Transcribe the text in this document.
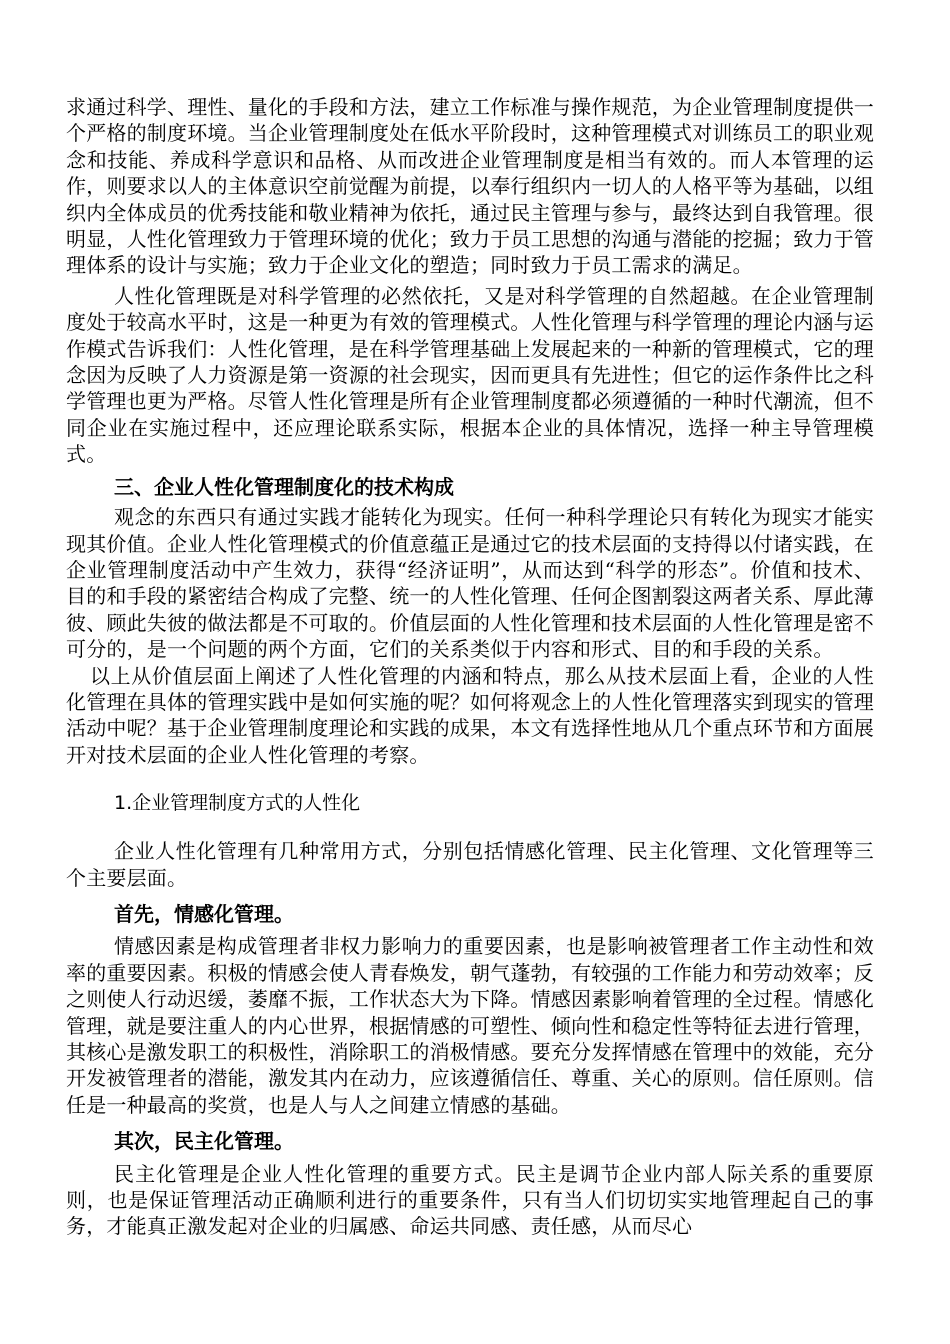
求通过科学、理性、量化的手段和方法，建立工作标准与操作规范，为企业管理制度提供一个严格的制度环境。当企业管理制度处在低水平阶段时，这种管理模式对训练员工的职业观念和技能、养成科学意识和品格、从而改进企业管理制度是相当有效的。而人本管理的运作，则要求以人的主体意识空前觉醒为前提，以奉行组织内一切人的人格平等为基础，以组织内全体成员的优秀技能和敬业精神为依托，通过民主管理与参与，最终达到自我管理。很明显，人性化管理致力于管理环境的优化；致力于员工思想的沟通与潜能的挖掘；致力于管理体系的设计与实施；致力于企业文化的塑造；同时致力于员工需求的满足。

人性化管理既是对科学管理的必然依托，又是对科学管理的自然超越。在企业管理制度处于较高水平时，这是一种更为有效的管理模式。人性化管理与科学管理的理论内涵与运作模式告诉我们：人性化管理，是在科学管理基础上发展起来的一种新的管理模式，它的理念因为反映了人力资源是第一资源的社会现实，因而更具有先进性；但它的运作条件比之科学管理也更为严格。尽管人性化管理是所有企业管理制度都必须遵循的一种时代潮流，但不同企业在实施过程中，还应理论联系实际，根据本企业的具体情况，选择一种主导管理模式。

三、企业人性化管理制度化的技术构成

观念的东西只有通过实践才能转化为现实。任何一种科学理论只有转化为现实才能实现其价值。企业人性化管理模式的价值意蕴正是通过它的技术层面的支持得以付诸实践，在企业管理制度活动中产生效力，获得“经济证明”，从而达到“科学的形态”。价值和技术、目的和手段的紧密结合构成了完整、统一的人性化管理、任何企图割裂这两者关系、厚此薄彼、顾此失彼的做法都是不可取的。价值层面的人性化管理和技术层面的人性化管理是密不可分的，是一个问题的两个方面，它们的关系类似于内容和形式、目的和手段的关系。

以上从价值层面上阐述了人性化管理的内涵和特点，那么从技术层面上看，企业的人性化管理在具体的管理实践中是如何实施的呢？如何将观念上的人性化管理落实到现实的管理活动中呢？基于企业管理制度理论和实践的成果，本文有选择性地从几个重点环节和方面展开对技术层面的企业人性化管理的考察。

1.企业管理制度方式的人性化

企业人性化管理有几种常用方式，分别包括情感化管理、民主化管理、文化管理等三个主要层面。

首先，情感化管理。

情感因素是构成管理者非权力影响力的重要因素，也是影响被管理者工作主动性和效率的重要因素。积极的情感会使人青春焕发，朝气蓬勃，有较强的工作能力和劳动效率；反之则使人行动迟缓，萎靡不振，工作状态大为下降。情感因素影响着管理的全过程。情感化管理，就是要注重人的内心世界，根据情感的可塑性、倾向性和稳定性等特征去进行管理，其核心是激发职工的积极性，消除职工的消极情感。要充分发挥情感在管理中的效能，充分开发被管理者的潜能，激发其内在动力，应该遵循信任、尊重、关心的原则。信任原则。信任是一种最高的奖赏，也是人与人之间建立情感的基础。

其次，民主化管理。

民主化管理是企业人性化管理的重要方式。民主是调节企业内部人际关系的重要原则，也是保证管理活动正确顺利进行的重要条件，只有当人们切切实实地管理起自己的事务，才能真正激发起对企业的归属感、命运共同感、责任感，从而尽心
